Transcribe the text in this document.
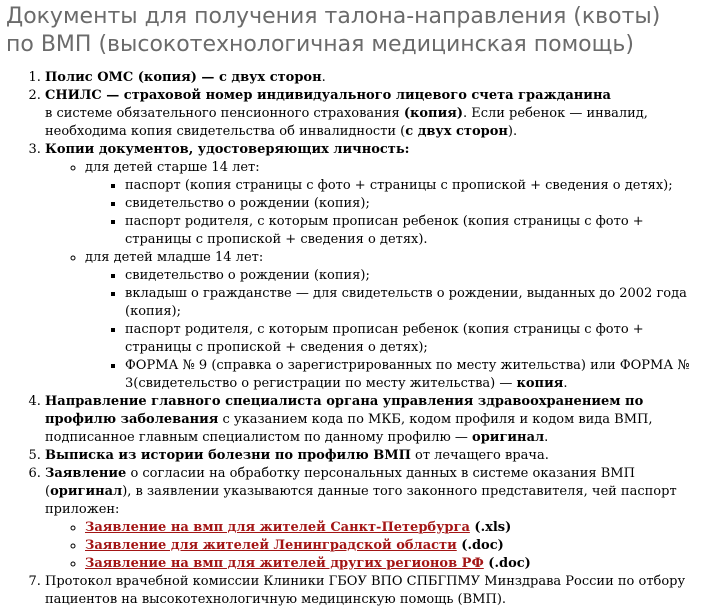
Документы для получения талона-направления (квоты)
по ВМП (высокотехнологичная медицинская помощь)
1. Полис ОМС (копия) — с двух сторон.
2. СНИЛС — страховой номер индивидуального лицевого счета гражданина
в системе обязательного пенсионного страхования (копия). Если ребенок — инвалид, необходима копия свидетельства об инвалидности (с двух сторон).
3. Копии документов, удостоверяющих личность:
◦ для детей старше 14 лет:
▪ паспорт (копия страницы с фото + страницы с пропиской + сведения о детях);
▪ свидетельство о рождении (копия);
▪ паспорт родителя, с которым прописан ребенок (копия страницы с фото + страницы с пропиской + сведения о детях).
◦ для детей младше 14 лет:
▪ свидетельство о рождении (копия);
▪ вкладыш о гражданстве — для свидетельств о рождении, выданных до 2002 года (копия);
▪ паспорт родителя, с которым прописан ребенок (копия страницы с фото + страницы с пропиской + сведения о детях);
▪ ФОРМА № 9 (справка о зарегистрированных по месту жительства) или ФОРМА № 3(свидетельство о регистрации по месту жительства) — копия.
4. Направление главного специалиста органа управления здравоохранением по профилю заболевания с указанием кода по МКБ, кодом профиля и кодом вида ВМП, подписанное главным специалистом по данному профилю — оригинал.
5. Выписка из истории болезни по профилю ВМП от лечащего врача.
6. Заявление о согласии на обработку персональных данных в системе оказания ВМП (оригинал), в заявлении указываются данные того законного представителя, чей паспорт приложен:
◦ Заявление на вмп для жителей Санкт-Петербурга (.xls)
◦ Заявление для жителей Ленинградской области (.doc)
◦ Заявление на вмп для жителей других регионов РФ (.doc)
7. Протокол врачебной комиссии Клиники ГБОУ ВПО СПБГПМУ Минздрава России по отбору пациентов на высокотехнологичную медицинскую помощь (ВМП).
